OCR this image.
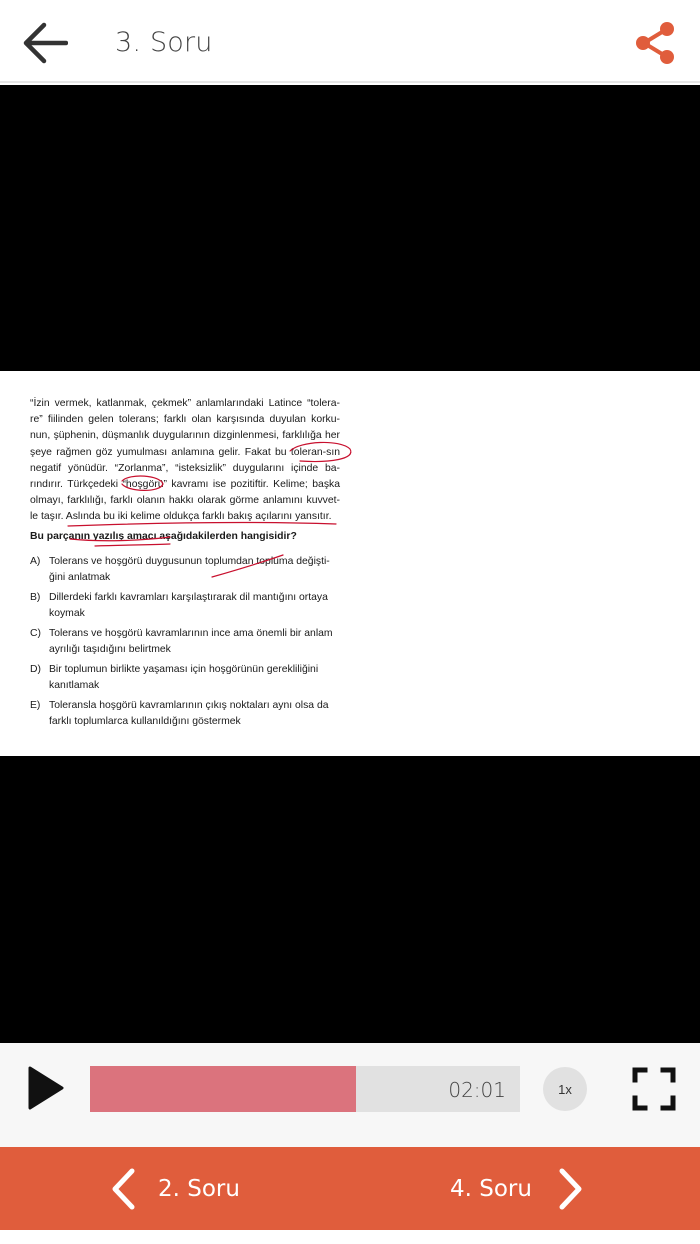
3. Soru

“İzin vermek, katlanmak, çekmek” anlamlarındaki Latince “tolera-re” fiilinden gelen tolerans; farklı olan karşısında duyulan korku-nun, şüphenin, düşmanlık duygularının dizginlenmesi, farklılığa her şeye rağmen göz yumulması anlamına gelir. Fakat bu toleran-sın negatif yönüdür. “Zorlanma”, “isteksizlik” duygularını içinde ba-rındırır. Türkçedeki “hoşgörü” kavramı ise pozitiftir. Kelime; başka olmayı, farklılığı, farklı olanın hakkı olarak görme anlamını kuvvet-le taşır. Aslında bu iki kelime oldukça farklı bakış açılarını yansıtır.

Bu parçanın yazılış amacı aşağıdakilerden hangisidir?

A) Tolerans ve hoşgörü duygusunun toplumdan topluma değişti-ğini anlatmak
B) Dillerdeki farklı kavramları karşılaştırarak dil mantığını ortaya koymak
C) Tolerans ve hoşgörü kavramlarının ince ama önemli bir anlam ayrılığı taşıdığını belirtmek
D) Bir toplumun birlikte yaşaması için hoşgörünün gerekliliğini kanıtlamak
E) Toleransla hoşgörü kavramlarının çıkış noktaları aynı olsa da farklı toplumlarca kullanıldığını göstermek
02:01	1x
2. Soru	4. Soru
